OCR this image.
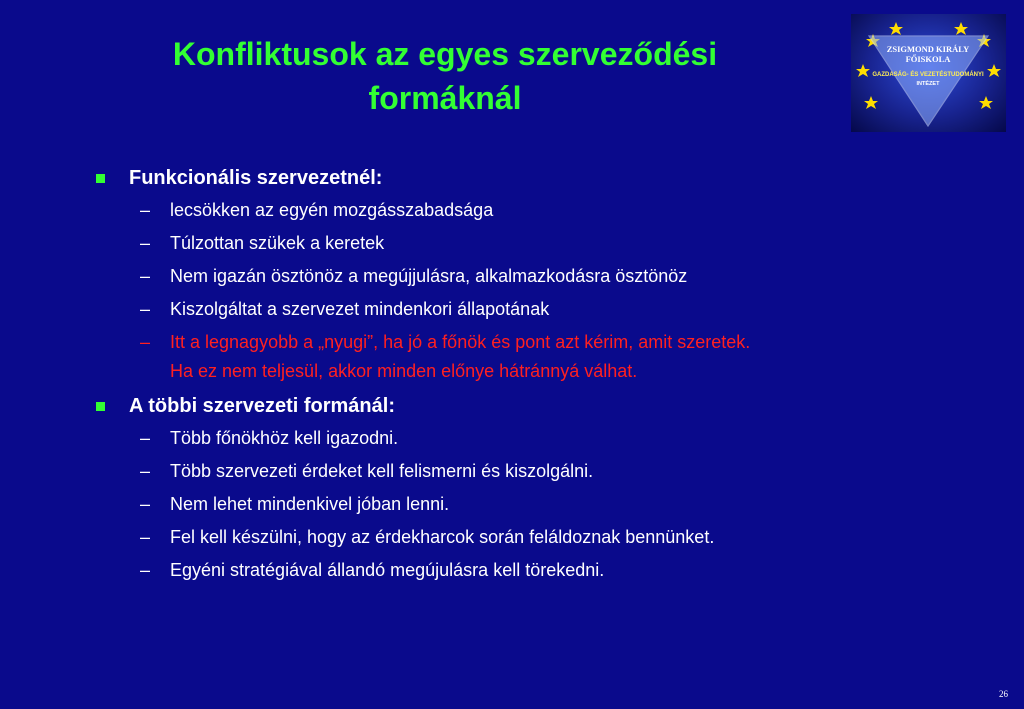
Konfliktusok az egyes szerveződési
formáknál
ZSIGMOND KIRÁLY
FŐISKOLA
GAZDASÁG- ÉS VEZETÉSTUDOMÁNYI
INTÉZET
Funkcionális szervezetnél:
– lecsökken az egyén mozgásszabadsága
– Túlzottan szükek a keretek
– Nem igazán ösztönöz a megújjulásra, alkalmazkodásra ösztönöz
– Kiszolgáltat a szervezet mindenkori állapotának
– Itt a legnagyobb a „nyugi”, ha jó a főnök és pont azt kérim, amit szeretek.
Ha ez nem teljesül, akkor minden előnye hátránnyá válhat.
A többi szervezeti formánál:
– Több főnökhöz kell igazodni.
– Több szervezeti érdeket kell felismerni és kiszolgálni.
– Nem lehet mindenkivel jóban lenni.
– Fel kell készülni, hogy az érdekharcok során feláldoznak bennünket.
– Egyéni stratégiával állandó megújulásra kell törekedni.
26
